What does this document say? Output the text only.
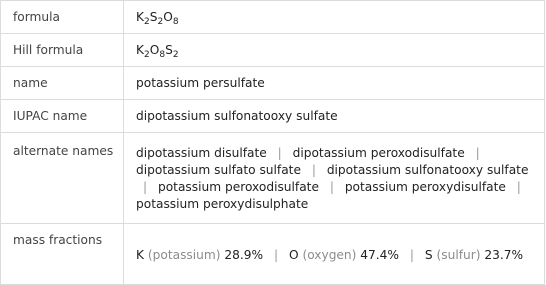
formula	$K_2S_2O_8$
Hill formula	$K_2O_8S_2$
name	potassium persulfate
IUPAC name	dipotassium sulfonatooxy sulfate
alternate names	dipotassium disulfate | dipotassium peroxodisulfate | dipotassium sulfato sulfate | dipotassium sulfonatooxy sulfate | potassium peroxodisulfate | potassium peroxydisulfate | potassium peroxydisulphate

mass fractions	K (potassium) 28.9% | O (oxygen) 47.4% | S (sulfur) 23.7%
